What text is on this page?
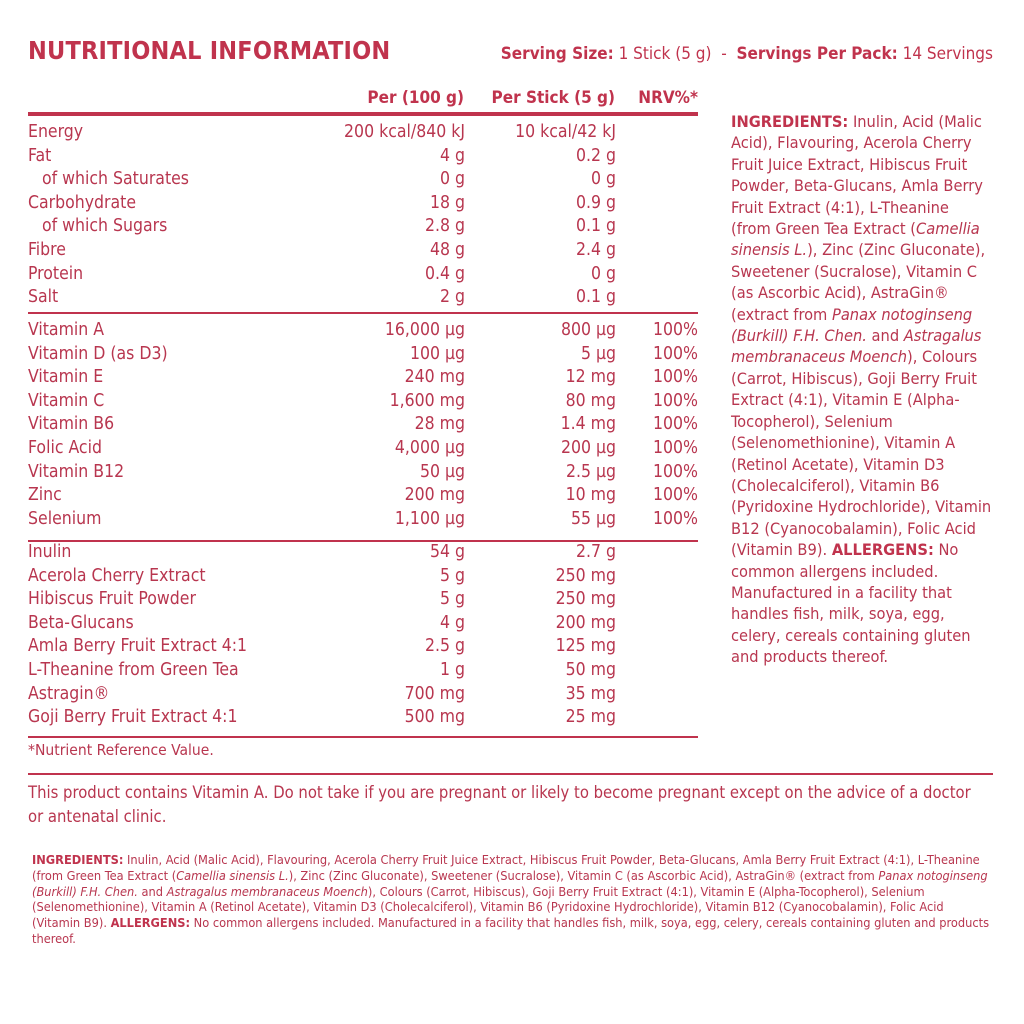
NUTRITIONAL INFORMATION	Serving Size: 1 Stick (5 g) - Servings Per Pack: 14 Servings
Per (100 g) Per Stick (5 g) NRV%*
Energy	200 kcal/840 kJ	10 kcal/42 kJ
Fat	4 g	0.2 g
of which Saturates	0 g	0 g
Carbohydrate	18 g	0.9 g
of which Sugars	2.8 g	0.1 g
Fibre	48 g	2.4 g
Protein	0.4 g	0 g
Salt	2 g	0.1 g
Vitamin A	16,000 µg	800 µg 100%
Vitamin D (as D3)	100 µg	5 µg 100%
Vitamin E	240 mg	12 mg 100%
Vitamin C	1,600 mg	80 mg 100%
Vitamin B6	28 mg	1.4 mg 100%
Folic Acid	4,000 µg	200 µg 100%
Vitamin B12	50 µg	2.5 µg 100%
Zinc	200 mg	10 mg 100%
Selenium	1,100 µg	55 µg 100%
Inulin	54 g	2.7 g
Acerola Cherry Extract	5 g	250 mg
Hibiscus Fruit Powder	5 g	250 mg
Beta-Glucans	4 g	200 mg
Amla Berry Fruit Extract 4:1	2.5 g	125 mg
L-Theanine from Green Tea	1 g	50 mg
Astragin®	700 mg	35 mg
Goji Berry Fruit Extract 4:1	500 mg	25 mg
*Nutrient Reference Value.
INGREDIENTS: Inulin, Acid (Malic Acid), Flavouring, Acerola Cherry Fruit Juice Extract, Hibiscus Fruit Powder, Beta-Glucans, Amla Berry Fruit Extract (4:1), L-Theanine (from Green Tea Extract (Camellia sinensis L.), Zinc (Zinc Gluconate), Sweetener (Sucralose), Vitamin C (as Ascorbic Acid), AstraGin® (extract from Panax notoginseng (Burkill) F.H. Chen. and Astragalus membranaceus Moench), Colours (Carrot, Hibiscus), Goji Berry Fruit Extract (4:1), Vitamin E (Alpha-Tocopherol), Selenium (Selenomethionine), Vitamin A (Retinol Acetate), Vitamin D3 (Cholecalciferol), Vitamin B6 (Pyridoxine Hydrochloride), Vitamin B12 (Cyanocobalamin), Folic Acid (Vitamin B9). ALLERGENS: No common allergens included. Manufactured in a facility that handles fish, milk, soya, egg, celery, cereals containing gluten and products thereof.
This product contains Vitamin A. Do not take if you are pregnant or likely to become pregnant except on the advice of a doctor or antenatal clinic.
INGREDIENTS: Inulin, Acid (Malic Acid), Flavouring, Acerola Cherry Fruit Juice Extract, Hibiscus Fruit Powder, Beta-Glucans, Amla Berry Fruit Extract (4:1), L-Theanine (from Green Tea Extract (Camellia sinensis L.), Zinc (Zinc Gluconate), Sweetener (Sucralose), Vitamin C (as Ascorbic Acid), AstraGin® (extract from Panax notoginseng (Burkill) F.H. Chen. and Astragalus membranaceus Moench), Colours (Carrot, Hibiscus), Goji Berry Fruit Extract (4:1), Vitamin E (Alpha-Tocopherol), Selenium (Selenomethionine), Vitamin A (Retinol Acetate), Vitamin D3 (Cholecalciferol), Vitamin B6 (Pyridoxine Hydrochloride), Vitamin B12 (Cyanocobalamin), Folic Acid (Vitamin B9). ALLERGENS: No common allergens included. Manufactured in a facility that handles fish, milk, soya, egg, celery, cereals containing gluten and products thereof.
